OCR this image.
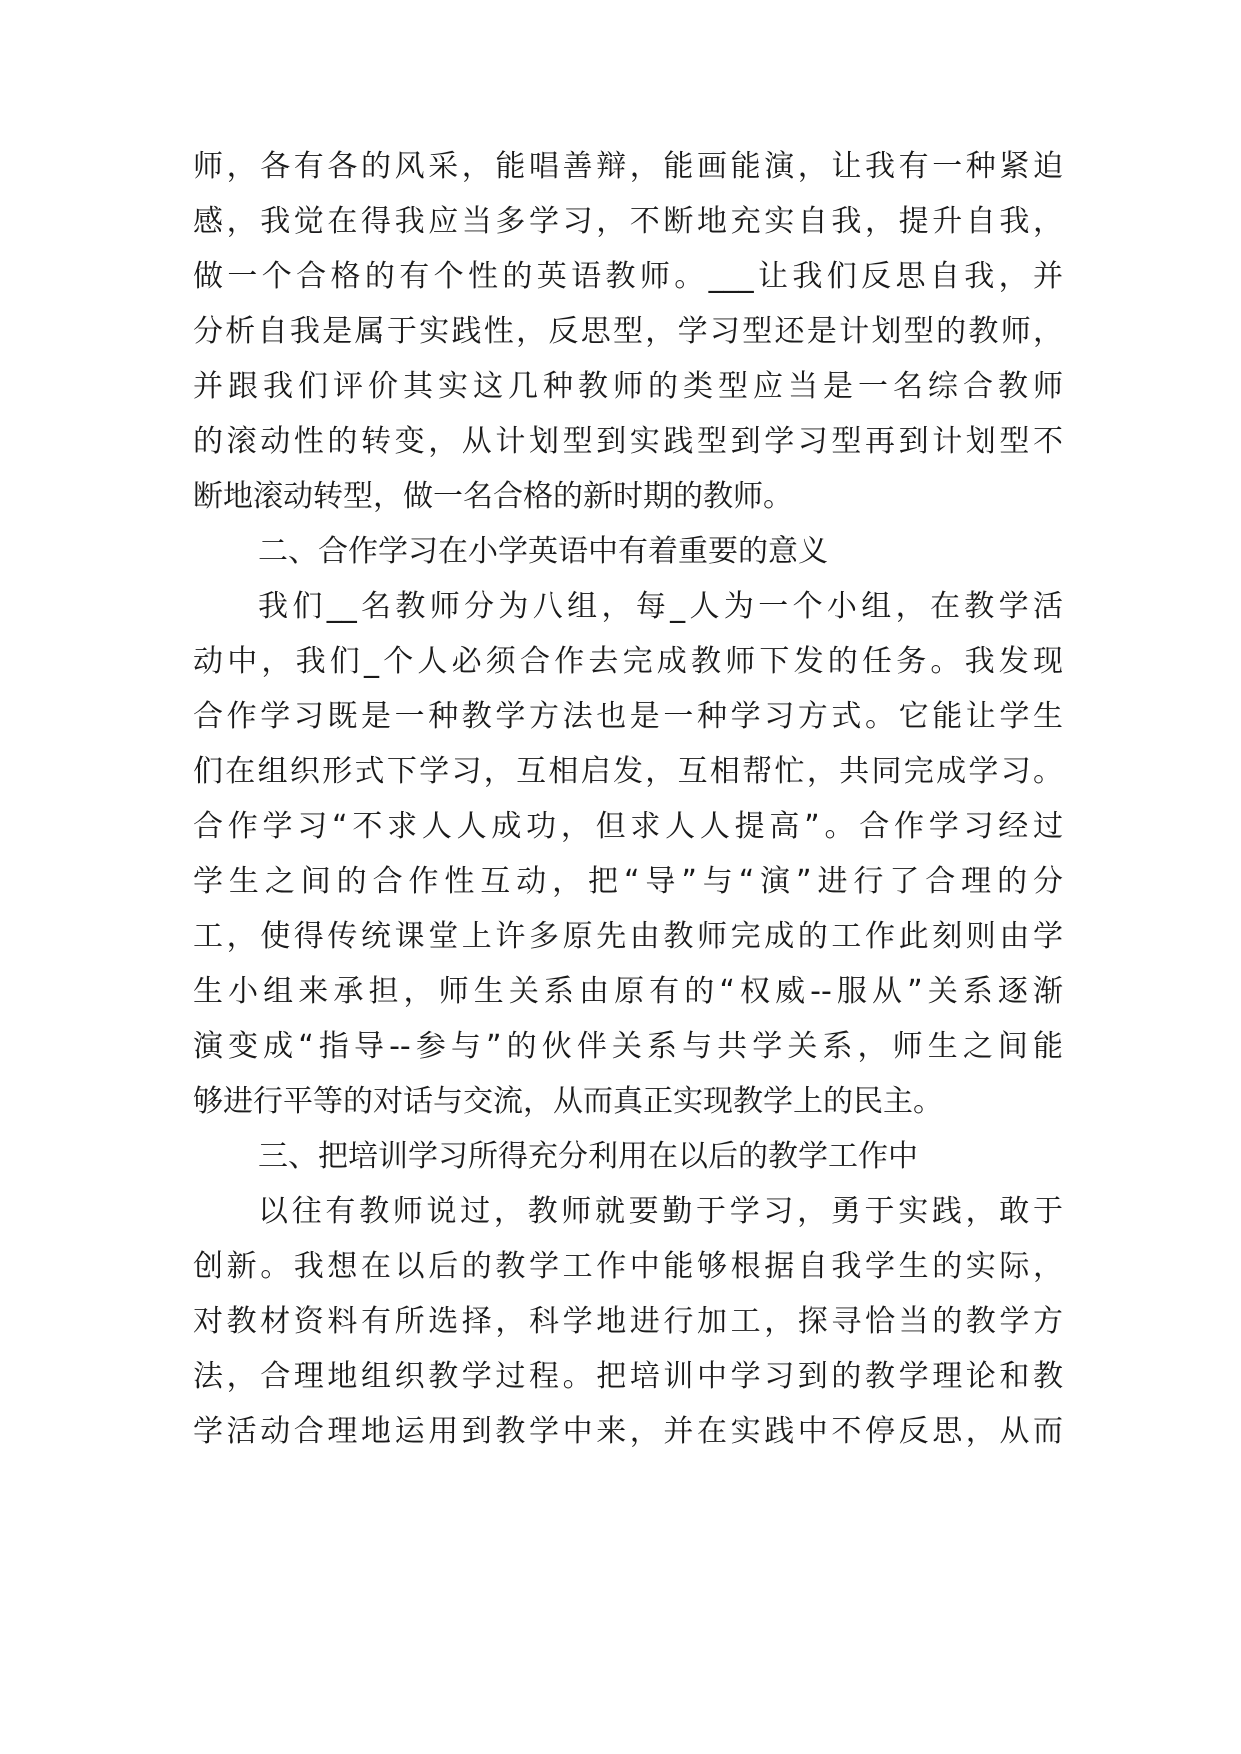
师，各有各的风采，能唱善辩，能画能演，让我有一种紧迫
感，我觉在得我应当多学习，不断地充实自我，提升自我，
做一个合格的有个性的英语教师。___让我们反思自我，并
分析自我是属于实践性，反思型，学习型还是计划型的教师，
并跟我们评价其实这几种教师的类型应当是一名综合教师
的滚动性的转变，从计划型到实践型到学习型再到计划型不
断地滚动转型，做一名合格的新时期的教师。
二、合作学习在小学英语中有着重要的意义
我们__名教师分为八组，每_人为一个小组，在教学活
动中，我们_个人必须合作去完成教师下发的任务。我发现
合作学习既是一种教学方法也是一种学习方式。它能让学生
们在组织形式下学习，互相启发，互相帮忙，共同完成学习。
合作学习“不求人人成功，但求人人提高”。合作学习经过
学生之间的合作性互动，把“导”与“演”进行了合理的分
工，使得传统课堂上许多原先由教师完成的工作此刻则由学
生小组来承担，师生关系由原有的“权威--服从”关系逐渐
演变成“指导--参与”的伙伴关系与共学关系，师生之间能
够进行平等的对话与交流，从而真正实现教学上的民主。
三、把培训学习所得充分利用在以后的教学工作中
以往有教师说过，教师就要勤于学习，勇于实践，敢于
创新。我想在以后的教学工作中能够根据自我学生的实际，
对教材资料有所选择，科学地进行加工，探寻恰当的教学方
法，合理地组织教学过程。把培训中学习到的教学理论和教
学活动合理地运用到教学中来，并在实践中不停反思，从而
